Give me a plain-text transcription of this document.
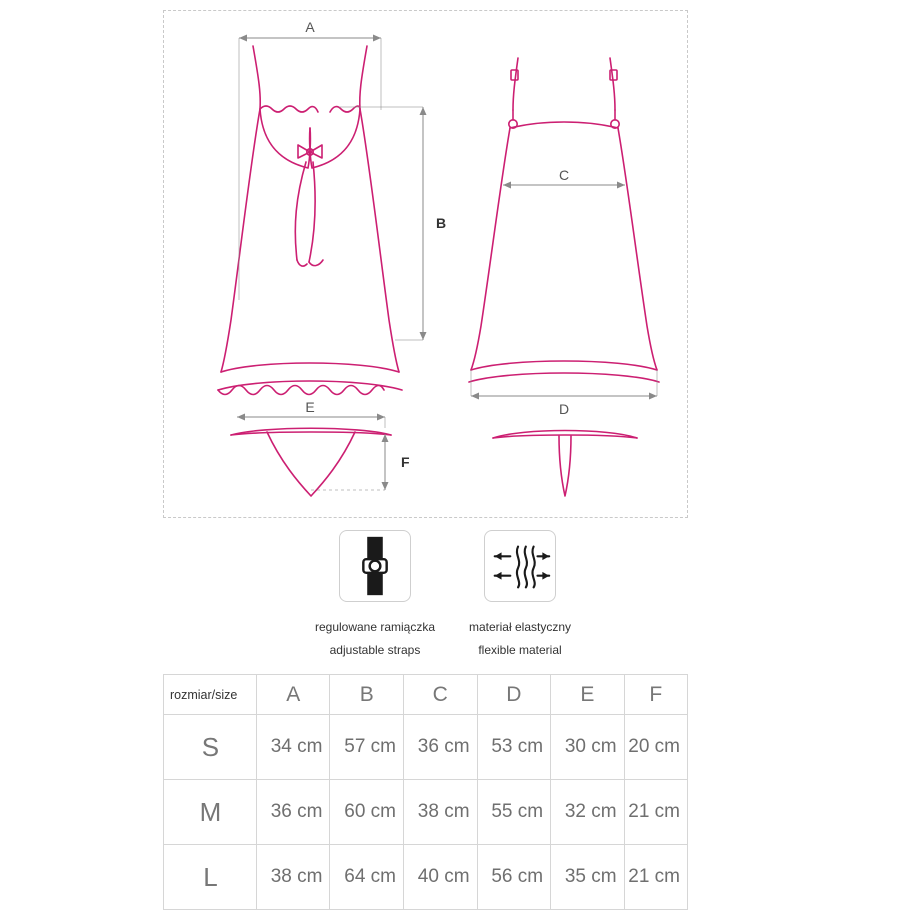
A
B
C
D
E
F
regulowane ramiączka
adjustable straps
materiał elastyczny
flexible material
rozmiar/size	A	B	C	D	E	F
S	34 cm	57 cm	36 cm	53 cm	30 cm	20 cm
M	36 cm	60 cm	38 cm	55 cm	32 cm	21 cm
L	38 cm	64 cm	40 cm	56 cm	35 cm	21 cm
